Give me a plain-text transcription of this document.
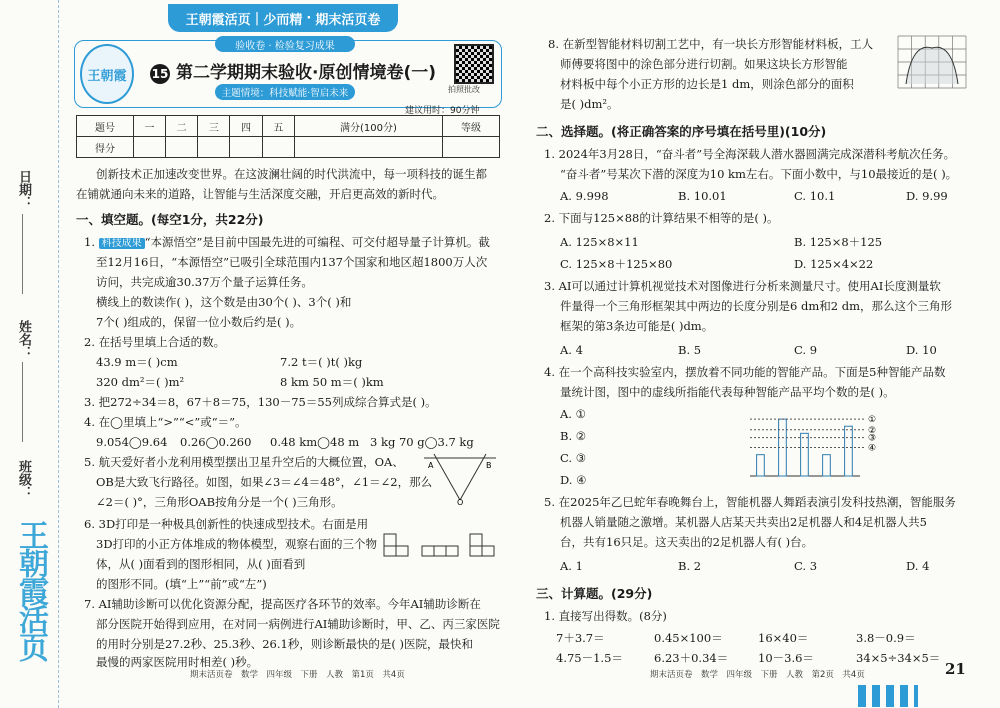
日期：
姓名：
班级：
王朝霞活页
王朝霞活页 | 少而精 · 期末活页卷
验收卷 · 检验复习成果
王朝霞	15 第二学期期末验收·原创情境卷(一)
主题情境：科技赋能·智启未来	拍照批改
建议用时：90分钟
题号	一	二	三	四	五	满分(100分)	等级
得分							
创新技术正加速改变世界。在这波澜壮阔的时代洪流中，每一项科技的诞生都
在铺就通向未来的道路，让智能与生活深度交融，开启更高效的新时代。
一、填空题。(每空1分，共22分)
1. 科技成果 “本源悟空”是目前中国最先进的可编程、可交付超导量子计算机。截
至12月16日，“本源悟空”已吸引全球范围内137个国家和地区超1800万人次
访问，共完成逾30.37万个量子运算任务。
横线上的数读作( )，这个数是由30个( )、3个( )和
7个( )组成的，保留一位小数后约是( )。
2. 在括号里填上合适的数。
43.9 m＝( )cm	7.2 t＝( )t( )kg
320 dm²＝( )m²	8 km 50 m＝( )km
3. 把272÷34＝8，67＋8＝75，130－75＝55列成综合算式是( )。
4. 在◯里填上“>”“<”或“＝”。
9.054◯9.64 0.26◯0.260 0.48 km◯48 m 3 kg 70 g◯3.7 kg
5. 航天爱好者小龙利用模型摆出卫星升空后的大概位置，OA、
OB是大致飞行路径。如图，如果∠3＝∠4＝48°，∠1＝∠2，那么
∠2＝( )°，三角形OAB按角分是一个( )三角形。
A	B
O
6. 3D打印是一种极具创新性的快速成型技术。右面是用
3D打印的小正方体堆成的物体模型，观察右面的三个物
体，从( )面看到的图形相同，从( )面看到
的图形不同。(填“上”“前”或“左”)
7. AI辅助诊断可以优化资源分配，提高医疗各环节的效率。今年AI辅助诊断在
部分医院开始得到应用，在对同一病例进行AI辅助诊断时，甲、乙、丙三家医院
的用时分别是27.2秒、25.3秒、26.1秒，则诊断最快的是( )医院，最快和
最慢的两家医院用时相差( )秒。
期末活页卷　数学　四年级　下册　人教　第1页　共4页
8. 在新型智能材料切割工艺中，有一块长方形智能材料板，工人
师傅要将图中的涂色部分进行切割。如果这块长方形智能
材料板中每个小正方形的边长是1 dm，则涂色部分的面积
是( )dm²。
二、选择题。(将正确答案的序号填在括号里)(10分)
1. 2024年3月28日，“奋斗者”号全海深载人潜水器圆满完成深潜科考航次任务。
“奋斗者”号某次下潜的深度为10 km左右。下面小数中，与10最接近的是( )。
A. 9.998	B. 10.01	C. 10.1	D. 9.99
2. 下面与125×88的计算结果不相等的是( )。
A. 125×8×11	B. 125×8＋125
C. 125×8＋125×80	D. 125×4×22
3. AI可以通过计算机视觉技术对图像进行分析来测量尺寸。使用AI长度测量软
件量得一个三角形框架其中两边的长度分别是6 dm和2 dm，那么这个三角形
框架的第3条边可能是( )dm。
A. 4	B. 5	C. 9	D. 10
4. 在一个高科技实验室内，摆放着不同功能的智能产品。下面是5种智能产品数
量统计图，图中的虚线所指能代表每种智能产品平均个数的是( )。
A. ①
B. ②
C. ③
D. ④
①
②
③
④
5. 在2025年乙巳蛇年春晚舞台上，智能机器人舞蹈表演引发科技热潮，智能服务
机器人销量随之激增。某机器人店某天共卖出2足机器人和4足机器人共5
台，共有16只足。这天卖出的2足机器人有( )台。
A. 1	B. 2	C. 3	D. 4
三、计算题。(29分)
1. 直接写出得数。(8分)
7＋3.7＝	0.45×100＝	16×40＝	3.8－0.9＝
4.75－1.5＝	6.23＋0.34＝	10－3.6＝	34×5÷34×5＝
期末活页卷　数学　四年级　下册　人教　第2页　共4页	21
